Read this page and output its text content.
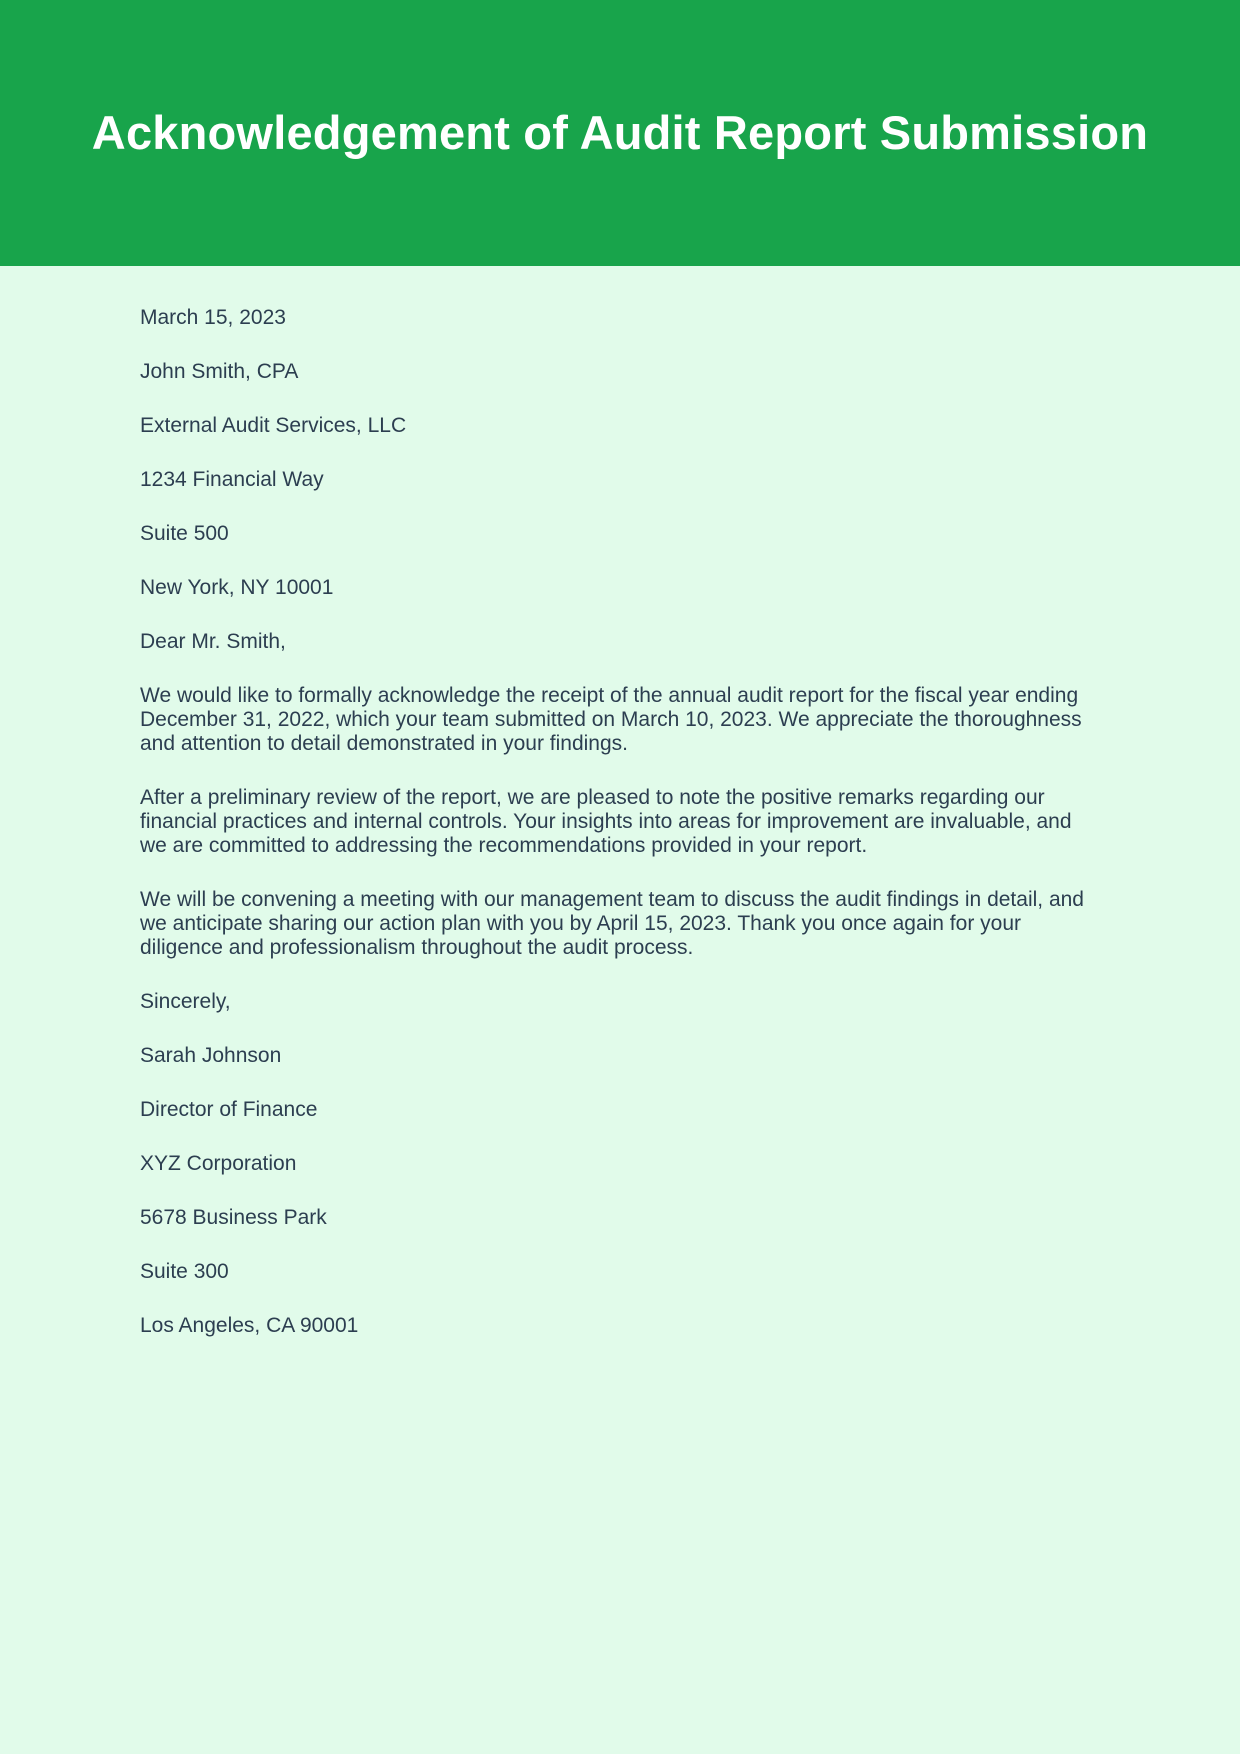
Acknowledgement of Audit Report Submission

March 15, 2023

John Smith, CPA

External Audit Services, LLC

1234 Financial Way

Suite 500

New York, NY 10001

Dear Mr. Smith,

We would like to formally acknowledge the receipt of the annual audit report for the fiscal year ending December 31, 2022, which your team submitted on March 10, 2023. We appreciate the thoroughness and attention to detail demonstrated in your findings.

After a preliminary review of the report, we are pleased to note the positive remarks regarding our financial practices and internal controls. Your insights into areas for improvement are invaluable, and we are committed to addressing the recommendations provided in your report.

We will be convening a meeting with our management team to discuss the audit findings in detail, and we anticipate sharing our action plan with you by April 15, 2023. Thank you once again for your diligence and professionalism throughout the audit process.

Sincerely,

Sarah Johnson

Director of Finance

XYZ Corporation

5678 Business Park

Suite 300

Los Angeles, CA 90001
